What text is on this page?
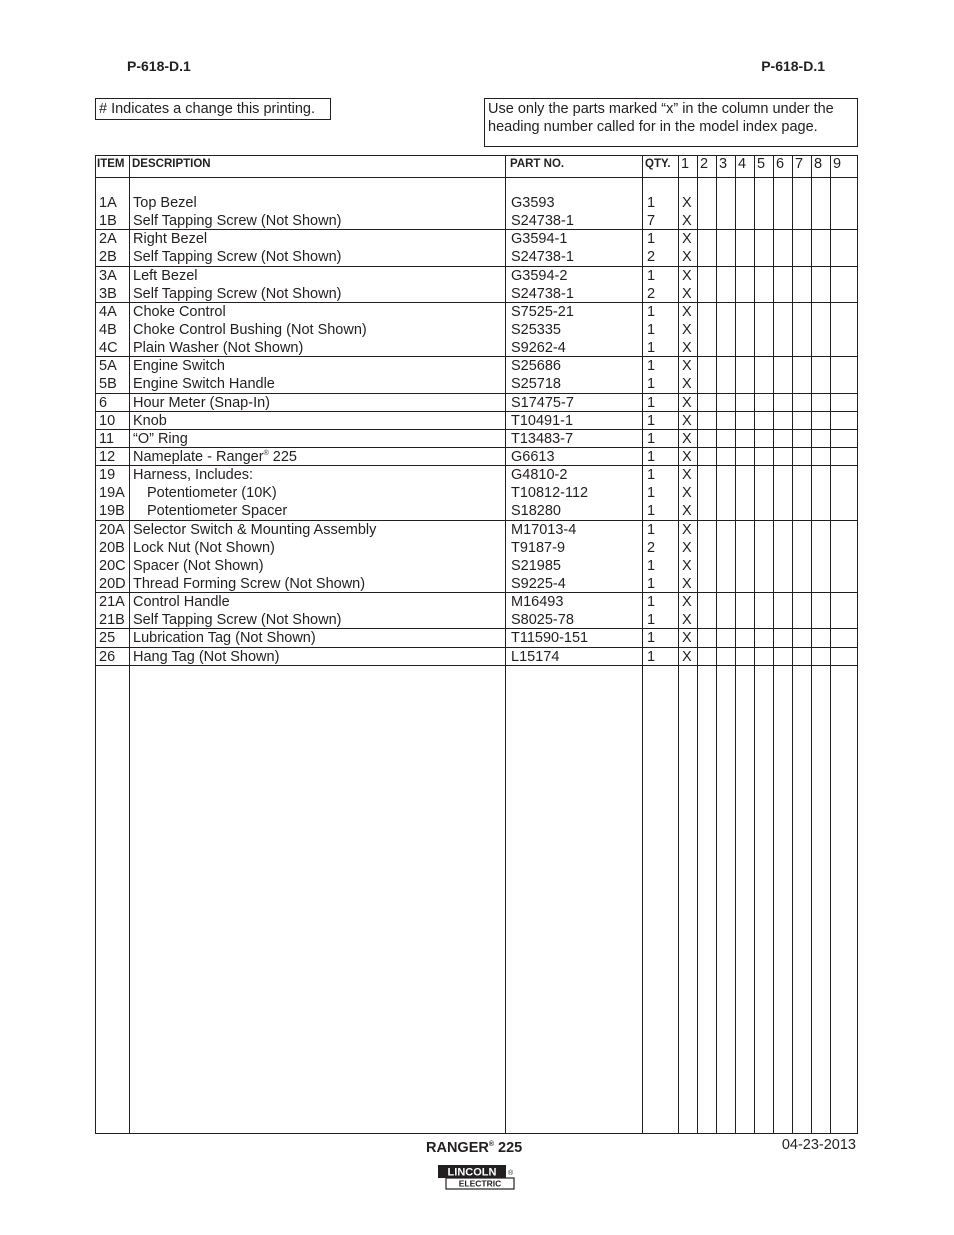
P-618-D.1	P-618-D.1
# Indicates a change this printing.	Use only the parts marked “x” in the column under the heading number called for in the model index page.
ITEM DESCRIPTION	PART NO.	QTY. 1 2 3 4 5 6 7 8 9
1A Top Bezel	G3593	1 X
1B Self Tapping Screw (Not Shown)	S24738-1	7 X
2A Right Bezel	G3594-1	1 X
2B Self Tapping Screw (Not Shown)	S24738-1	2 X
3A Left Bezel	G3594-2	1 X
3B Self Tapping Screw (Not Shown)	S24738-1	2 X
4A Choke Control	S7525-21	1 X
4B Choke Control Bushing (Not Shown)	S25335	1 X
4C Plain Washer (Not Shown)	S9262-4	1 X
5A Engine Switch	S25686	1 X
5B Engine Switch Handle	S25718	1 X
6 Hour Meter (Snap-In)	S17475-7	1 X
10 Knob	T10491-1	1 X
11 “O” Ring	T13483-7	1 X
12 Nameplate - Ranger® 225	G6613	1 X
19 Harness, Includes:	G4810-2	1 X
19A Potentiometer (10K)	T10812-112	1 X
19B Potentiometer Spacer	S18280	1 X
20A Selector Switch & Mounting Assembly	M17013-4	1 X
20B Lock Nut (Not Shown)	T9187-9	2 X
20C Spacer (Not Shown)	S21985	1 X
20D Thread Forming Screw (Not Shown)	S9225-4	1 X
21A Control Handle	M16493	1 X
21B Self Tapping Screw (Not Shown)	S8025-78	1 X
25 Lubrication Tag (Not Shown)	T11590-151	1 X
26 Hang Tag (Not Shown)	L15174	1 X
RANGER® 225	04-23-2013
LINCOLN
ELECTRIC
®
